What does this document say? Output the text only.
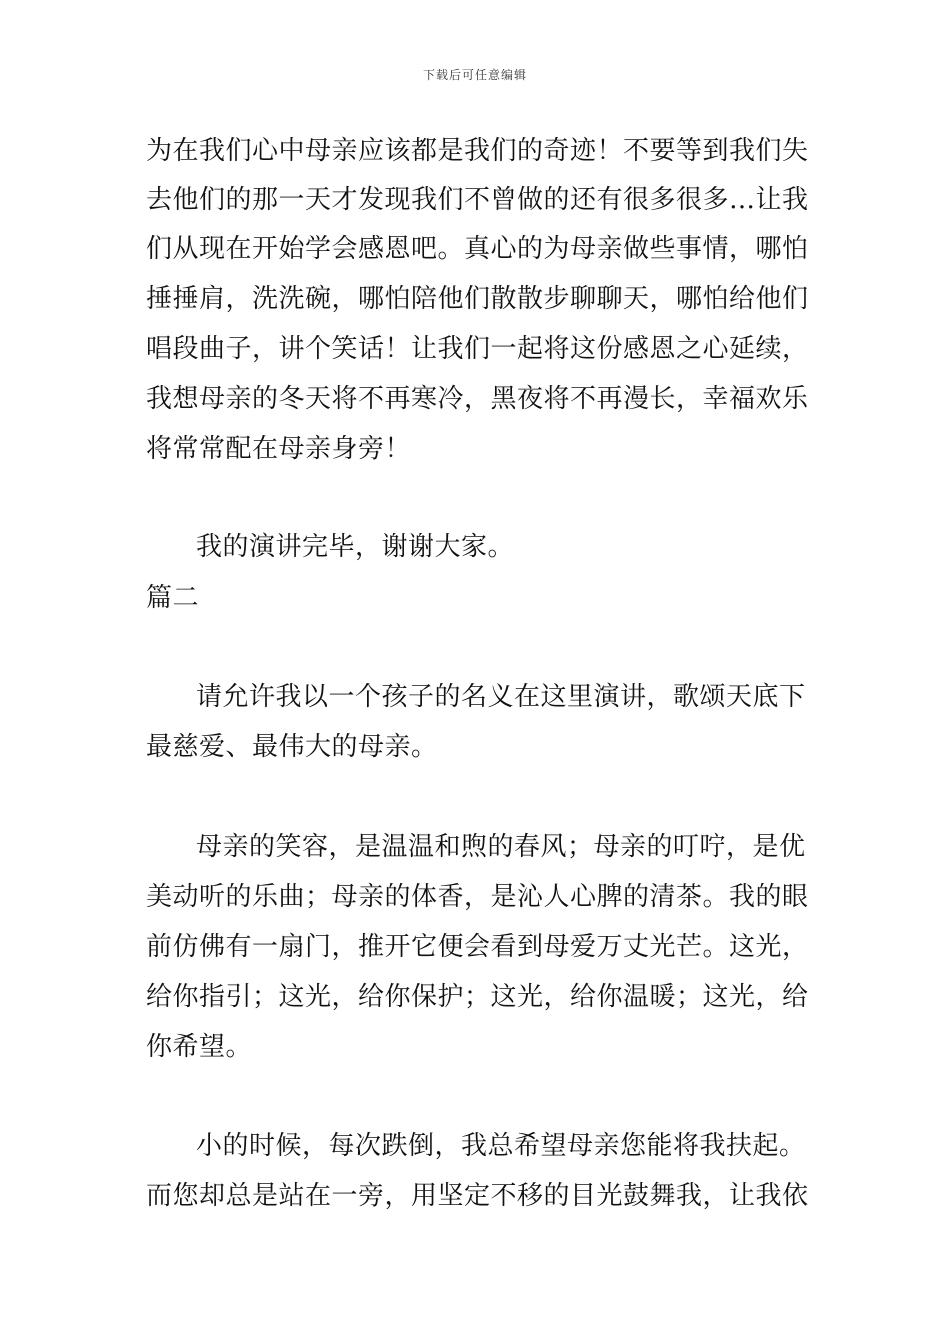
下载后可任意编辑
为在我们心中母亲应该都是我们的奇迹！不要等到我们失
去他们的那一天才发现我们不曾做的还有很多很多…让我
们从现在开始学会感恩吧。真心的为母亲做些事情，哪怕
捶捶肩，洗洗碗，哪怕陪他们散散步聊聊天，哪怕给他们
唱段曲子，讲个笑话！让我们一起将这份感恩之心延续，
我想母亲的冬天将不再寒冷，黑夜将不再漫长，幸福欢乐
将常常配在母亲身旁！
我的演讲完毕，谢谢大家。
篇二
请允许我以一个孩子的名义在这里演讲，歌颂天底下
最慈爱、最伟大的母亲。
母亲的笑容，是温温和煦的春风；母亲的叮咛，是优
美动听的乐曲；母亲的体香，是沁人心脾的清茶。我的眼
前仿佛有一扇门，推开它便会看到母爱万丈光芒。这光，
给你指引；这光，给你保护；这光，给你温暖；这光，给
你希望。
小的时候，每次跌倒，我总希望母亲您能将我扶起。
而您却总是站在一旁，用坚定不移的目光鼓舞我，让我依
